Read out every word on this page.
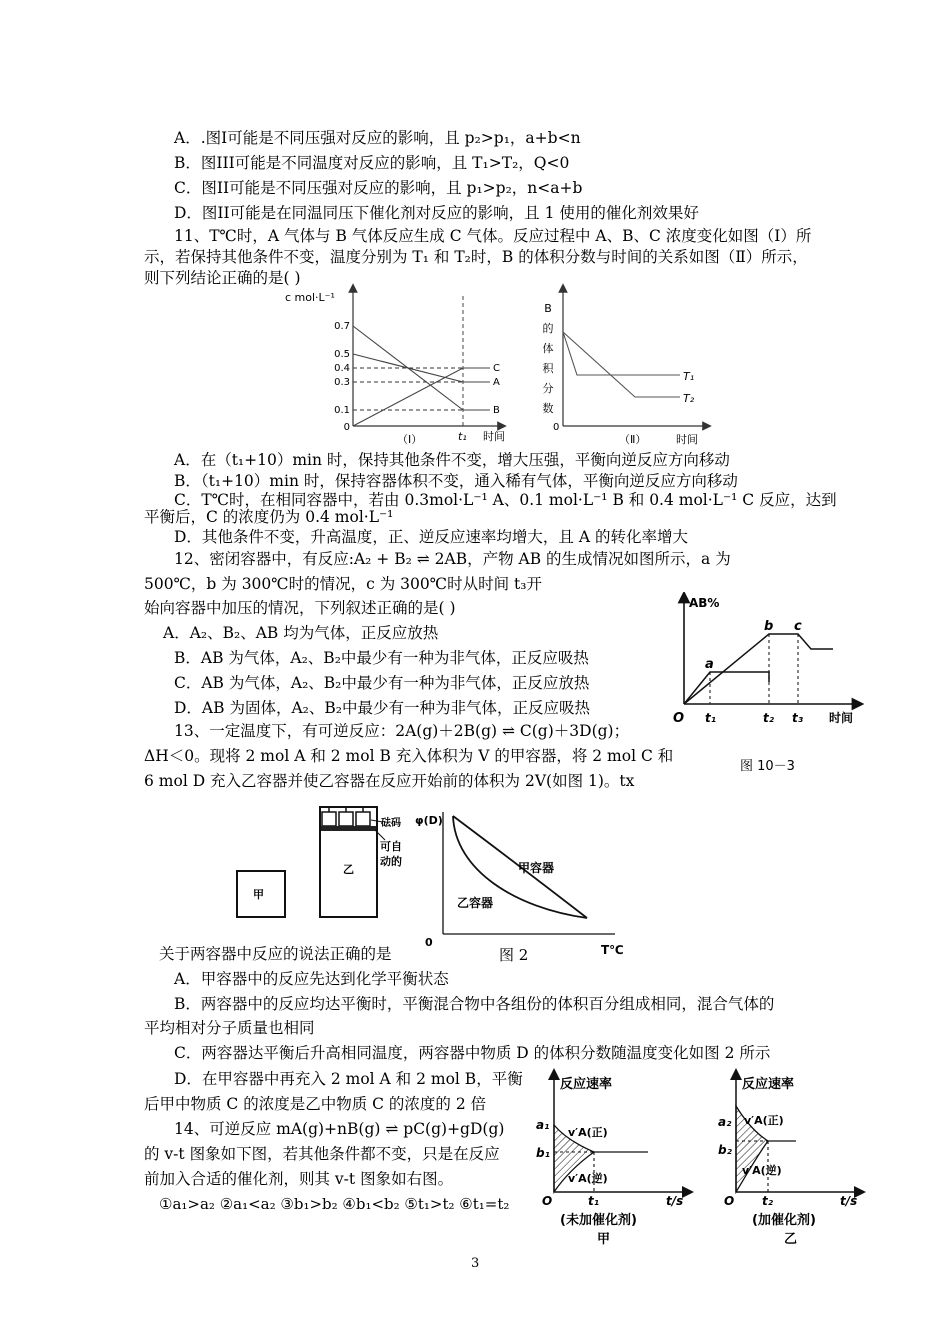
A．.图I可能是不同压强对反应的影响，且 p₂>p₁，a+b<n
B．图III可能是不同温度对反应的影响，且 T₁>T₂，Q<0
C．图II可能是不同压强对反应的影响，且 p₁>p₂，n<a+b
D．图II可能是在同温同压下催化剂对反应的影响，且 1 使用的催化剂效果好
11、T℃时，A 气体与 B 气体反应生成 C 气体。反应过程中 A、B、C 浓度变化如图（Ⅰ）所
示，若保持其他条件不变，温度分别为 T₁ 和 T₂时，B 的体积分数与时间的关系如图（Ⅱ）所示，
则下列结论正确的是( )
c mol·L⁻¹
0.7
0.5
0.4
0.3
0.1
0
C
A
B
t₁ 时间
（Ⅰ）
B
的
体
积
分
数
0
T₁
T₂
（Ⅱ）	时间
A．在（t₁+10）min 时，保持其他条件不变，增大压强，平衡向逆反应方向移动
B．（t₁+10）min 时，保持容器体积不变，通入稀有气体，平衡向逆反应方向移动
C．T℃时，在相同容器中，若由 0.3mol·L⁻¹ A、0.1 mol·L⁻¹ B 和 0.4 mol·L⁻¹ C 反应，达到
平衡后，C 的浓度仍为 0.4 mol·L⁻¹
D．其他条件不变，升高温度，正、逆反应速率均增大，且 A 的转化率增大
12、密闭容器中，有反应:A₂ + B₂ ⇌ 2AB，产物 AB 的生成情况如图所示，a 为
500℃，b 为 300℃时的情况，c 为 300℃时从时间 t₃开
始向容器中加压的情况，下列叙述正确的是( )
A．A₂、B₂、AB 均为气体，正反应放热
B．AB 为气体，A₂、B₂中最少有一种为非气体，正反应吸热
C．AB 为气体，A₂、B₂中最少有一种为非气体，正反应放热
D．AB 为固体，A₂、B₂中最少有一种为非气体，正反应吸热
AB%
a
b c
O t₁	t₂ t₃ 时间
图 10－3
13、一定温度下，有可逆反应：2A(g)＋2B(g) ⇌ C(g)＋3D(g)；
ΔH＜0。现将 2 mol A 和 2 mol B 充入体积为 V 的甲容器，将 2 mol C 和
6 mol D 充入乙容器并使乙容器在反应开始前的体积为 2V(如图 1)。tx
甲
乙
砝码
可自
动的
φ(D)
甲容器
乙容器
0
T℃
关于两容器中反应的说法正确的是	图 2
A．甲容器中的反应先达到化学平衡状态
B．两容器中的反应均达平衡时，平衡混合物中各组份的体积百分组成相同，混合气体的
平均相对分子质量也相同
C．两容器达平衡后升高相同温度，两容器中物质 D 的体积分数随温度变化如图 2 所示
D．在甲容器中再充入 2 mol A 和 2 mol B，平衡
后甲中物质 C 的浓度是乙中物质 C 的浓度的 2 倍
14、可逆反应 mA(g)+nB(g) ⇌ pC(g)+gD(g)
的 v-t 图象如下图，若其他条件都不变，只是在反应
前加入合适的催化剂，则其 v-t 图象如右图。
①a₁>a₂ ②a₁<a₂ ③b₁>b₂ ④b₁<b₂ ⑤t₁>t₂ ⑥t₁=t₂
反应速率
a₁
b₁
v′A(正)
v′A(逆)
O	t₁	t/s
(未加催化剂)
甲
反应速率
a₂
b₂
v′A(正)
v′A(逆)
O t₂	t/s
(加催化剂)
乙
3
